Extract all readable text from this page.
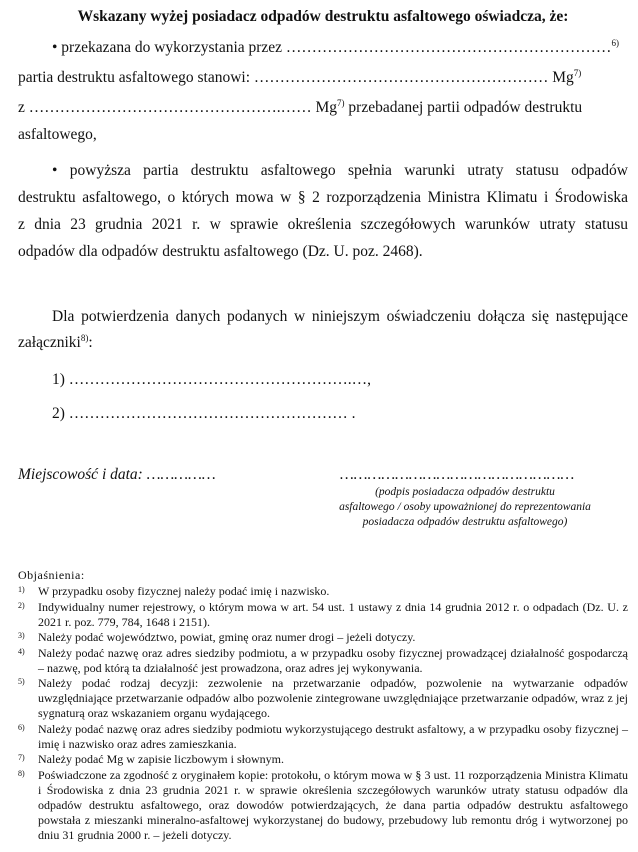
Wskazany wyżej posiadacz odpadów destruktu asfaltowego oświadcza, że:
• przekazana do wykorzystania przez ………………………………………………………$^{6)}$
partia destruktu asfaltowego stanowi: ………………………………………………… Mg$^{7)}$
z ………………………………………….…… Mg$^{7)}$ przebadanej partii odpadów destruktu
asfaltowego,
• powyższa partia destruktu asfaltowego spełnia warunki utraty statusu odpadów
destruktu asfaltowego, o których mowa w § 2 rozporządzenia Ministra Klimatu i Środowiska
z dnia 23 grudnia 2021 r. w sprawie określenia szczegółowych warunków utraty statusu
odpadów dla odpadów destruktu asfaltowego (Dz. U. poz. 2468).
Dla potwierdzenia danych podanych w niniejszym oświadczeniu dołącza się następujące
załączniki$^{8)}$:
1) ……………………………………………….…,
2) ……………………………………………… .
Miejscowość i data: ……………	……………………………………………
(podpis posiadacza odpadów destruktu
asfaltowego / osoby upoważnionej do reprezentowania
posiadacza odpadów destruktu asfaltowego)
Objaśnienia:
1) W przypadku osoby fizycznej należy podać imię i nazwisko.
2) Indywidualny numer rejestrowy, o którym mowa w art. 54 ust. 1 ustawy z dnia 14 grudnia 2012 r. o odpadach (Dz. U. z 2021 r. poz. 779, 784, 1648 i 2151).
3) Należy podać województwo, powiat, gminę oraz numer drogi – jeżeli dotyczy.
4) Należy podać nazwę oraz adres siedziby podmiotu, a w przypadku osoby fizycznej prowadzącej działalność gospodarczą – nazwę, pod którą ta działalność jest prowadzona, oraz adres jej wykonywania.
5) Należy podać rodzaj decyzji: zezwolenie na przetwarzanie odpadów, pozwolenie na wytwarzanie odpadów uwzględniające przetwarzanie odpadów albo pozwolenie zintegrowane uwzględniające przetwarzanie odpadów, wraz z jej sygnaturą oraz wskazaniem organu wydającego.
6) Należy podać nazwę oraz adres siedziby podmiotu wykorzystującego destrukt asfaltowy, a w przypadku osoby fizycznej – imię i nazwisko oraz adres zamieszkania.
7) Należy podać Mg w zapisie liczbowym i słownym.
8) Poświadczone za zgodność z oryginałem kopie: protokołu, o którym mowa w § 3 ust. 11 rozporządzenia Ministra Klimatu i Środowiska z dnia 23 grudnia 2021 r. w sprawie określenia szczegółowych warunków utraty statusu odpadów dla odpadów destruktu asfaltowego, oraz dowodów potwierdzających, że dana partia odpadów destruktu asfaltowego powstała z mieszanki mineralno-asfaltowej wykorzystanej do budowy, przebudowy lub remontu dróg i wytworzonej po dniu 31 grudnia 2000 r. – jeżeli dotyczy.
